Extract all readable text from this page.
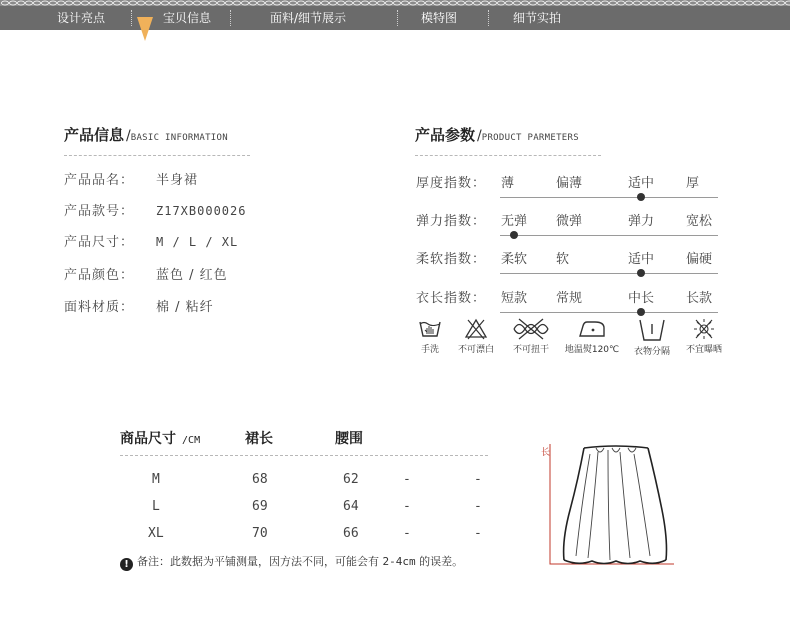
设计亮点	宝贝信息	面料/细节展示	模特图	细节实拍
产品信息 /BASIC INFORMATION
产品品名： 半身裙
产品款号： Z17XB000026
产品尺寸： M / L / XL
产品颜色： 蓝色 / 红色
面料材质： 棉 / 粘纤
产品参数 /PRODUCT PARMETERS
厚度指数： 薄	偏薄	适中 厚
弹力指数： 无弹 微弹	弹力 宽松
柔软指数： 柔软 软	适中 偏硬
衣长指数： 短款 常规	中长 长款
手洗	不可漂白	不可扭干	地温熨120℃	衣物分隔	不宜曝晒
商品尺寸 /CM	裙长	腰围
M	68	62	-	-
L	69	64	-	-
XL	70	66	-	-
! 备注：此数据为平铺测量，因方法不同，可能会有 2-4cm 的误差。
长
